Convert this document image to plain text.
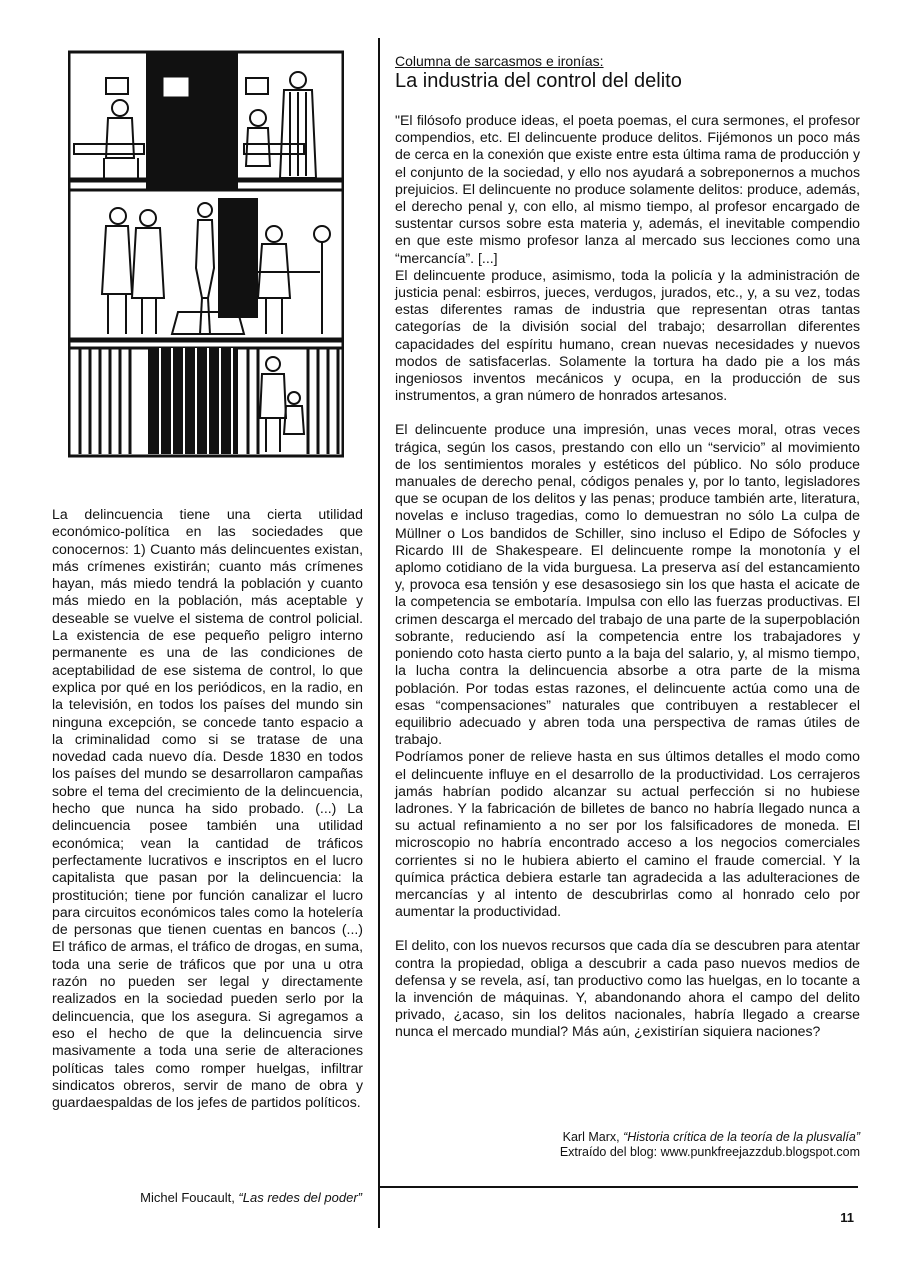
La delincuencia tiene una cierta utilidad económico-política en las sociedades que conocernos: 1) Cuanto más delincuentes existan, más crímenes existirán; cuanto más crímenes hayan, más miedo tendrá la población y cuanto más miedo en la población, más aceptable y deseable se vuelve el sistema de control policial. La existencia de ese pequeño peligro interno permanente es una de las condiciones de aceptabilidad de ese sistema de control, lo que explica por qué en los periódicos, en la radio, en la televisión, en todos los países del mundo sin ninguna excepción, se concede tanto espacio a la criminalidad como si se tratase de una novedad cada nuevo día. Desde 1830 en todos los países del mundo se desarrollaron campañas sobre el tema del crecimiento de la delincuencia, hecho que nunca ha sido probado. (...) La delincuencia posee también una utilidad económica; vean la cantidad de tráficos perfectamente lucrativos e inscriptos en el lucro capitalista que pasan por la delincuencia: la prostitución; tiene por función canalizar el lucro para circuitos económicos tales como la hotelería de personas que tienen cuentas en bancos (...) El tráfico de armas, el tráfico de drogas, en suma, toda una serie de tráficos que por una u otra razón no pueden ser legal y directamente realizados en la sociedad pueden serlo por la delincuencia, que los asegura. Si agregamos a eso el hecho de que la delincuencia sirve masivamente a toda una serie de alteraciones políticas tales como romper huelgas, infiltrar sindicatos obreros, servir de mano de obra y guardaespaldas de los jefes de partidos políticos.

Michel Foucault, “Las redes del poder”

Columna de sarcasmos e ironías:

La industria del control del delito

"El filósofo produce ideas, el poeta poemas, el cura sermones, el profesor compendios, etc. El delincuente produce delitos. Fijémonos un poco más de cerca en la conexión que existe entre esta última rama de producción y el conjunto de la sociedad, y ello nos ayudará a sobreponernos a muchos prejuicios. El delincuente no produce solamente delitos: produce, además, el derecho penal y, con ello, al mismo tiempo, al profesor encargado de sustentar cursos sobre esta materia y, además, el inevitable compendio en que este mismo profesor lanza al mercado sus lecciones como una “mercancía”. [...]

El delincuente produce, asimismo, toda la policía y la administración de justicia penal: esbirros, jueces, verdugos, jurados, etc., y, a su vez, todas estas diferentes ramas de industria que representan otras tantas categorías de la división social del trabajo; desarrollan diferentes capacidades del espíritu humano, crean nuevas necesidades y nuevos modos de satisfacerlas. Solamente la tortura ha dado pie a los más ingeniosos inventos mecánicos y ocupa, en la producción de sus instrumentos, a gran número de honrados artesanos.

El delincuente produce una impresión, unas veces moral, otras veces trágica, según los casos, prestando con ello un “servicio” al movimiento de los sentimientos morales y estéticos del público. No sólo produce manuales de derecho penal, códigos penales y, por lo tanto, legisladores que se ocupan de los delitos y las penas; produce también arte, literatura, novelas e incluso tragedias, como lo demuestran no sólo La culpa de Müllner o Los bandidos de Schiller, sino incluso el Edipo de Sófocles y Ricardo III de Shakespeare. El delincuente rompe la monotonía y el aplomo cotidiano de la vida burguesa. La preserva así del estancamiento y, provoca esa tensión y ese desasosiego sin los que hasta el acicate de la competencia se embotaría. Impulsa con ello las fuerzas productivas. El crimen descarga el mercado del trabajo de una parte de la superpoblación sobrante, reduciendo así la competencia entre los trabajadores y poniendo coto hasta cierto punto a la baja del salario, y, al mismo tiempo, la lucha contra la delincuencia absorbe a otra parte de la misma población. Por todas estas razones, el delincuente actúa como una de esas “compensaciones” naturales que contribuyen a restablecer el equilibrio adecuado y abren toda una perspectiva de ramas útiles de trabajo.

Podríamos poner de relieve hasta en sus últimos detalles el modo como el delincuente influye en el desarrollo de la productividad. Los cerrajeros jamás habrían podido alcanzar su actual perfección si no hubiese ladrones. Y la fabricación de billetes de banco no habría llegado nunca a su actual refinamiento a no ser por los falsificadores de moneda. El microscopio no habría encontrado acceso a los negocios comerciales corrientes si no le hubiera abierto el camino el fraude comercial. Y la química práctica debiera estarle tan agradecida a las adulteraciones de mercancías y al intento de descubrirlas como al honrado celo por aumentar la productividad.

El delito, con los nuevos recursos que cada día se descubren para atentar contra la propiedad, obliga a descubrir a cada paso nuevos medios de defensa y se revela, así, tan productivo como las huelgas, en lo tocante a la invención de máquinas. Y, abandonando ahora el campo del delito privado, ¿acaso, sin los delitos nacionales, habría llegado a crearse nunca el mercado mundial? Más aún, ¿existirían siquiera naciones?

Karl Marx, “Historia crítica de la teoría de la plusvalía”

Extraído del blog: www.punkfreejazzdub.blogspot.com

11
